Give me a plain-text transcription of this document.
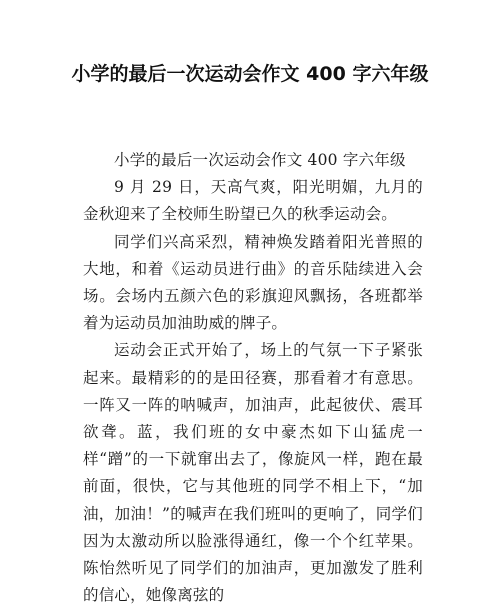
小学的最后一次运动会作文 400 字六年级

小学的最后一次运动会作文 400 字六年级

9 月 29 日，天高气爽，阳光明媚，九月的金秋迎来了全校师生盼望已久的秋季运动会。

同学们兴高采烈，精神焕发踏着阳光普照的大地，和着《运动员进行曲》的音乐陆续进入会场。会场内五颜六色的彩旗迎风飘扬，各班都举着为运动员加油助威的牌子。

运动会正式开始了，场上的气氛一下子紧张起来。最精彩的的是田径赛，那看着才有意思。一阵又一阵的呐喊声，加油声，此起彼伏、震耳欲聋。蓝，我们班的女中豪杰如下山猛虎一样“蹭”的一下就窜出去了，像旋风一样，跑在最前面，很快，它与其他班的同学不相上下，“加油，加油！”的喊声在我们班叫的更响了，同学们因为太激动所以脸涨得通红，像一个个红苹果。陈怡然听见了同学们的加油声，更加激发了胜利的信心，她像离弦的
